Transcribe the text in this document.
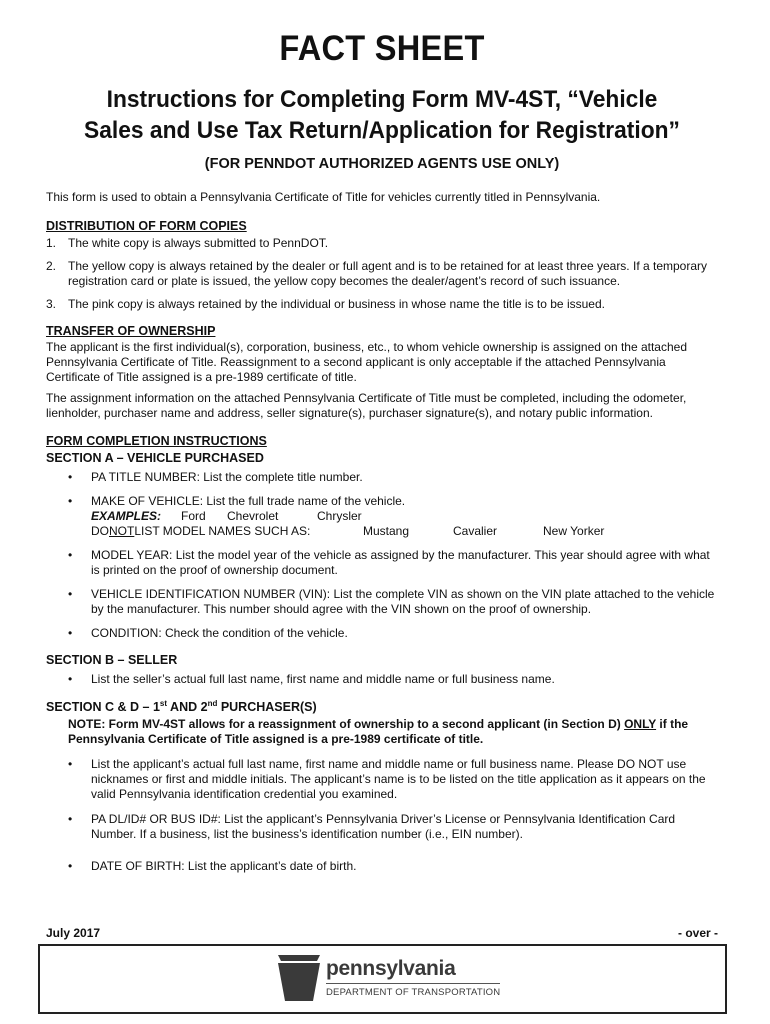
FACT SHEET
Instructions for Completing Form MV-4ST, “Vehicle
Sales and Use Tax Return/Application for Registration”
(FOR PENNDOT AUTHORIZED AGENTS USE ONLY)

This form is used to obtain a Pennsylvania Certificate of Title for vehicles currently titled in Pennsylvania.

DISTRIBUTION OF FORM COPIES
1. The white copy is always submitted to PennDOT.
2. The yellow copy is always retained by the dealer or full agent and is to be retained for at least three years. If a temporary registration card or plate is issued, the yellow copy becomes the dealer/agent’s record of such issuance.
3. The pink copy is always retained by the individual or business in whose name the title is to be issued.
TRANSFER OF OWNERSHIP

The applicant is the first individual(s), corporation, business, etc., to whom vehicle ownership is assigned on the attached Pennsylvania Certificate of Title. Reassignment to a second applicant is only acceptable if the attached Pennsylvania Certificate of Title assigned is a pre-1989 certificate of title.

The assignment information on the attached Pennsylvania Certificate of Title must be completed, including the odometer, lienholder, purchaser name and address, seller signature(s), purchaser signature(s), and notary public information.

FORM COMPLETION INSTRUCTIONS
SECTION A – VEHICLE PURCHASED
• PA TITLE NUMBER: List the complete title number.
• MAKE OF VEHICLE: List the full trade name of the vehicle.
EXAMPLES:	Ford	Chevrolet	Chrysler
DONOTLIST MODEL NAMES SUCH AS:	Mustang	Cavalier	New Yorker
• MODEL YEAR: List the model year of the vehicle as assigned by the manufacturer. This year should agree with what is printed on the proof of ownership document.
• VEHICLE IDENTIFICATION NUMBER (VIN): List the complete VIN as shown on the VIN plate attached to the vehicle by the manufacturer. This number should agree with the VIN shown on the proof of ownership.
• CONDITION: Check the condition of the vehicle.
SECTION B – SELLER
• List the seller’s actual full last name, first name and middle name or full business name.
SECTION C & D – 1st AND 2nd PURCHASER(S)

NOTE: Form MV-4ST allows for a reassignment of ownership to a second applicant (in Section D) ONLY if the Pennsylvania Certificate of Title assigned is a pre-1989 certificate of title.

• List the applicant’s actual full last name, first name and middle name or full business name. Please DO NOT use nicknames or first and middle initials. The applicant’s name is to be listed on the title application as it appears on the valid Pennsylvania identification credential you examined.
• PA DL/ID# OR BUS ID#: List the applicant’s Pennsylvania Driver’s License or Pennsylvania Identification Card Number. If a business, list the business’s identification number (i.e., EIN number).
• DATE OF BIRTH: List the applicant’s date of birth.
July 2017	- over -
pennsylvania
DEPARTMENT OF TRANSPORTATION
